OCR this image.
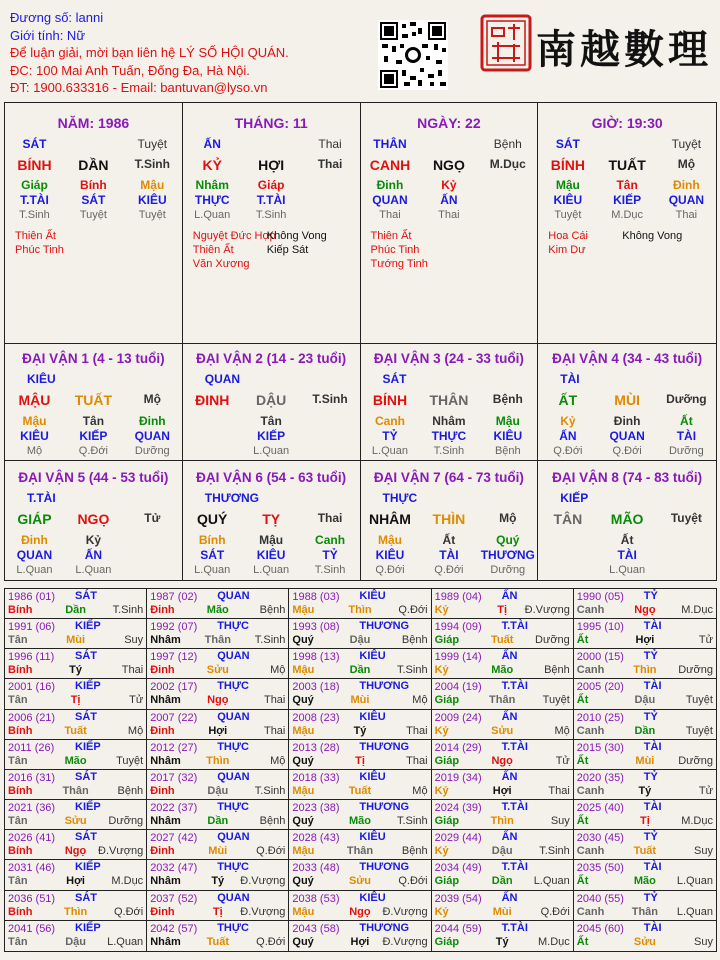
Đương số: lanni
Giới tính: Nữ
Để luận giải, mời bạn liên hệ LÝ SỐ HỘI QUÁN.
ĐC: 100 Mai Anh Tuấn, Đống Đa, Hà Nội.
ĐT: 1900.633316 - Email: bantuvan@lyso.vn
南越數理
NĂM: 1986
SÁT	Tuyệt
BÍNH	DẦN	T.Sinh
Giáp	Bính	Mậu
T.TÀI	SÁT	KIÊU
T.Sinh	Tuyệt	Tuyệt
Thiên Ất
Phúc Tinh
THÁNG: 11
ẤN	Thai
KỶ	HỢI	Thai
Nhâm	Giáp
THỰC	T.TÀI
L.Quan	T.Sinh
Nguyệt Đức Hợp
Thiên Ất
Văn Xương
Không Vong
Kiếp Sát
NGÀY: 22
THÂN	Bệnh
CANH	NGỌ	M.Dục
Đinh	Kỷ
QUAN	ẤN
Thai	Thai
Thiên Ất
Phúc Tinh
Tướng Tinh
GIỜ: 19:30
SÁT	Tuyệt
BÍNH	TUẤT	Mộ
Mậu	Tân	Đinh
KIÊU	KIẾP	QUAN
Tuyệt	M.Dục	Thai
Hoa Cái
Kim Dư
Không Vong
ĐẠI VẬN 1 (4 - 13 tuổi)
KIÊU
MẬU	TUẤT	Mộ
Mậu	Tân	Đinh
KIÊU	KIẾP	QUAN
Mộ	Q.Đới	Dưỡng
ĐẠI VẬN 2 (14 - 23 tuổi)
QUAN
ĐINH	DẬU	T.Sinh
Tân
KIẾP
L.Quan
ĐẠI VẬN 3 (24 - 33 tuổi)
SÁT
BÍNH	THÂN	Bệnh
Canh	Nhâm	Mậu
TỶ	THỰC	KIÊU
L.Quan	T.Sinh	Bệnh
ĐẠI VẬN 4 (34 - 43 tuổi)
TÀI
ẤT	MÙI	Dưỡng
Kỷ	Đinh	Ất
ẤN	QUAN	TÀI
Q.Đới	Q.Đới	Dưỡng
ĐẠI VẬN 5 (44 - 53 tuổi)
T.TÀI
GIÁP	NGỌ	Tử
Đinh	Kỷ
QUAN	ẤN
L.Quan	L.Quan
ĐẠI VẬN 6 (54 - 63 tuổi)
THƯƠNG
QUÝ	TỴ	Thai
Bính	Mậu	Canh
SÁT	KIÊU	TỶ
L.Quan	L.Quan	T.Sinh
ĐẠI VẬN 7 (64 - 73 tuổi)
THỰC
NHÂM	THÌN	Mộ
Mậu	Ất	Quý
KIÊU	TÀI	THƯƠNG
Q.Đới	Q.Đới	Dưỡng
ĐẠI VẬN 8 (74 - 83 tuổi)
KIẾP
TÂN	MÃO	Tuyệt
Ất
TÀI
L.Quan
1986 (01) SÁT
Bính	Dần	T.Sinh
1987 (02) QUAN
Đinh	Mão	Bệnh
1988 (03) KIÊU
Mậu	Thìn	Q.Đới
1989 (04) ẤN
Kỷ	Tị	Đ.Vượng
1990 (05) TỶ
Canh	Ngọ	M.Dục
1991 (06) KIẾP
Tân	Mùi	Suy
1992 (07) THỰC
Nhâm	Thân	T.Sinh
1993 (08) THƯƠNG
Quý	Dậu	Bệnh
1994 (09) T.TÀI
Giáp	Tuất	Dưỡng
1995 (10) TÀI
Ất	Hợi	Tử
1996 (11) SÁT
Bính	Tý	Thai
1997 (12) QUAN
Đinh	Sửu	Mộ
1998 (13) KIÊU
Mậu	Dần	T.Sinh
1999 (14) ẤN
Kỷ	Mão	Bệnh
2000 (15) TỶ
Canh	Thìn	Dưỡng
2001 (16) KIẾP
Tân	Tị	Tử
2002 (17) THỰC
Nhâm	Ngọ	Thai
2003 (18) THƯƠNG
Quý	Mùi	Mộ
2004 (19) T.TÀI
Giáp	Thân	Tuyệt
2005 (20) TÀI
Ất	Dậu	Tuyệt
2006 (21) SÁT
Bính	Tuất	Mộ
2007 (22) QUAN
Đinh	Hợi	Thai
2008 (23) KIÊU
Mậu	Tý	Thai
2009 (24) ẤN
Kỷ	Sửu	Mộ
2010 (25) TỶ
Canh	Dần	Tuyệt
2011 (26) KIẾP
Tân	Mão	Tuyệt
2012 (27) THỰC
Nhâm	Thìn	Mộ
2013 (28) THƯƠNG
Quý	Tị	Thai
2014 (29) T.TÀI
Giáp	Ngọ	Tử
2015 (30) TÀI
Ất	Mùi	Dưỡng
2016 (31) SÁT
Bính	Thân	Bệnh
2017 (32) QUAN
Đinh	Dậu	T.Sinh
2018 (33) KIÊU
Mậu	Tuất	Mộ
2019 (34) ẤN
Kỷ	Hợi	Thai
2020 (35) TỶ
Canh	Tý	Tử
2021 (36) KIẾP
Tân	Sửu	Dưỡng
2022 (37) THỰC
Nhâm	Dần	Bệnh
2023 (38) THƯƠNG
Quý	Mão	T.Sinh
2024 (39) T.TÀI
Giáp	Thìn	Suy
2025 (40) TÀI
Ất	Tị	M.Dục
2026 (41) SÁT
Bính	Ngọ	Đ.Vượng
2027 (42) QUAN
Đinh	Mùi	Q.Đới
2028 (43) KIÊU
Mậu	Thân	Bệnh
2029 (44) ẤN
Kỷ	Dậu	T.Sinh
2030 (45) TỶ
Canh	Tuất	Suy
2031 (46) KIẾP
Tân	Hợi	M.Dục
2032 (47) THỰC
Nhâm	Tý	Đ.Vượng
2033 (48) THƯƠNG
Quý	Sửu	Q.Đới
2034 (49) T.TÀI
Giáp	Dần	L.Quan
2035 (50) TÀI
Ất	Mão	L.Quan
2036 (51) SÁT
Bính	Thìn	Q.Đới
2037 (52) QUAN
Đinh	Tị	Đ.Vượng
2038 (53) KIÊU
Mậu	Ngọ	Đ.Vượng
2039 (54) ẤN
Kỷ	Mùi	Q.Đới
2040 (55) TỶ
Canh	Thân	L.Quan
2041 (56) KIẾP
Tân	Dậu	L.Quan
2042 (57) THỰC
Nhâm	Tuất	Q.Đới
2043 (58) THƯƠNG
Quý	Hợi	Đ.Vượng
2044 (59) T.TÀI
Giáp	Tý	M.Dục
2045 (60) TÀI
Ất	Sửu	Suy
